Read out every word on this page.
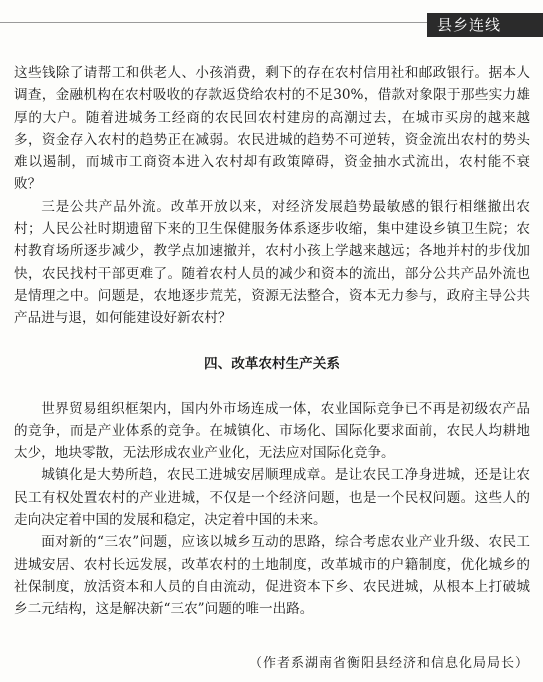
县乡连线

这些钱除了请帮工和供老人、小孩消费，剩下的存在农村信用社和邮政银行。据本人调查，金融机构在农村吸收的存款返贷给农村的不足30%，借款对象限于那些实力雄厚的大户。随着进城务工经商的农民回农村建房的高潮过去，在城市买房的越来越多，资金存入农村的趋势正在减弱。农民进城的趋势不可逆转，资金流出农村的势头难以遏制，而城市工商资本进入农村却有政策障碍，资金抽水式流出，农村能不衰败？

三是公共产品外流。改革开放以来，对经济发展趋势最敏感的银行相继撤出农村；人民公社时期遗留下来的卫生保健服务体系逐步收缩，集中建设乡镇卫生院；农村教育场所逐步减少，教学点加速撤并，农村小孩上学越来越远；各地并村的步伐加快，农民找村干部更难了。随着农村人员的减少和资本的流出，部分公共产品外流也是情理之中。问题是，农地逐步荒芜，资源无法整合，资本无力参与，政府主导公共产品进与退，如何能建设好新农村？

四、改革农村生产关系

世界贸易组织框架内，国内外市场连成一体，农业国际竞争已不再是初级农产品的竞争，而是产业体系的竞争。在城镇化、市场化、国际化要求面前，农民人均耕地太少，地块零散，无法形成农业产业化，无法应对国际化竞争。

城镇化是大势所趋，农民工进城安居顺理成章。是让农民工净身进城，还是让农民工有权处置农村的产业进城，不仅是一个经济问题，也是一个民权问题。这些人的走向决定着中国的发展和稳定，决定着中国的未来。

面对新的“三农”问题，应该以城乡互动的思路，综合考虑农业产业升级、农民工进城安居、农村长远发展，改革农村的土地制度，改革城市的户籍制度，优化城乡的社保制度，放活资本和人员的自由流动，促进资本下乡、农民进城，从根本上打破城乡二元结构，这是解决新“三农”问题的唯一出路。

（作者系湖南省衡阳县经济和信息化局局长）
